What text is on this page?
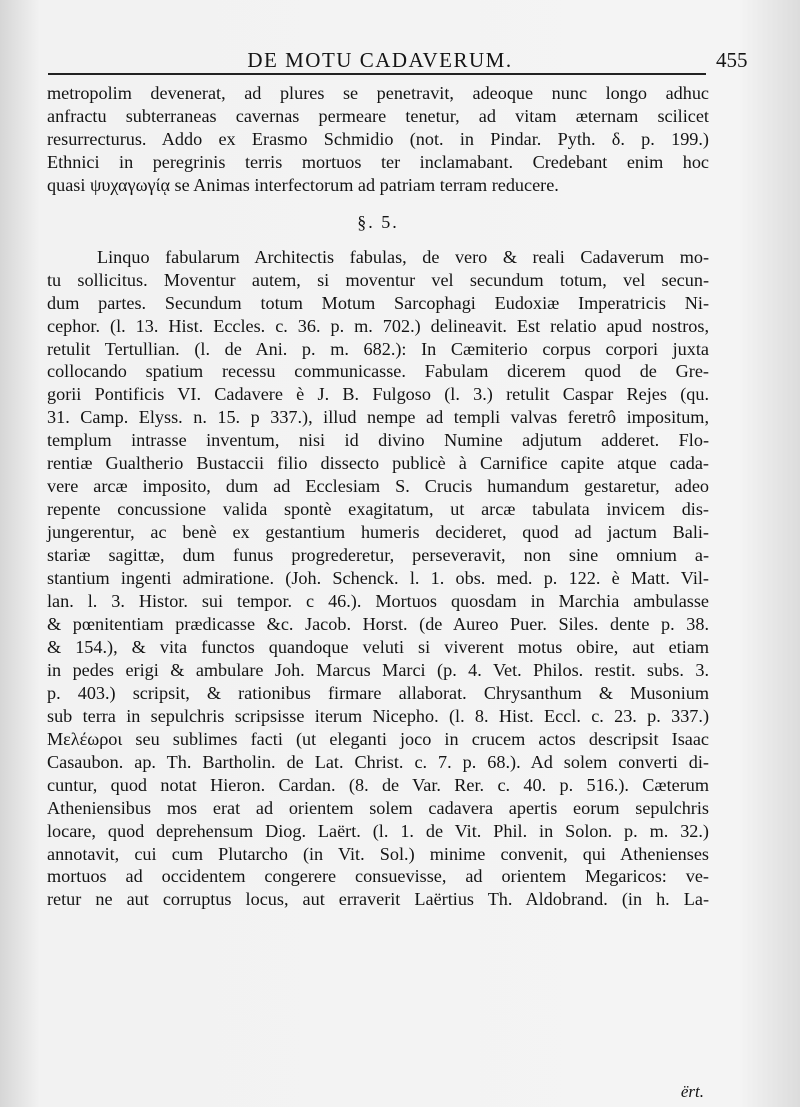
DE MOTU CADAVERUM.	455

metropolim devenerat, ad plures se penetravit, adeoque nunc longo adhuc
anfractu subterraneas cavernas permeare tenetur, ad vitam æternam scilicet
resurrecturus. Addo ex Erasmo Schmidio (not. in Pindar. Pyth. δ. p. 199.)
Ethnici in peregrinis terris mortuos ter inclamabant. Credebant enim hoc
quasi ψυχαγωγίᾳ se Animas interfectorum ad patriam terram reducere.

§. 5.

Linquo fabularum Architectis fabulas, de vero & reali Cadaverum mo-
tu sollicitus. Moventur autem, si moventur vel secundum totum, vel secun-
dum partes. Secundum totum Motum Sarcophagi Eudoxiæ Imperatricis Ni-
cephor. (l. 13. Hist. Eccles. c. 36. p. m. 702.) delineavit. Est relatio apud nostros,
retulit Tertullian. (l. de Ani. p. m. 682.): In Cæmiterio corpus corpori juxta
collocando spatium recessu communicasse. Fabulam dicerem quod de Gre-
gorii Pontificis VI. Cadavere è J. B. Fulgoso (l. 3.) retulit Caspar Rejes (qu.
31. Camp. Elyss. n. 15. p 337.), illud nempe ad templi valvas feretrô impositum,
templum intrasse inventum, nisi id divino Numine adjutum adderet. Flo-
rentiæ Gualtherio Bustaccii filio dissecto publicè à Carnifice capite atque cada-
vere arcæ imposito, dum ad Ecclesiam S. Crucis humandum gestaretur, adeo
repente concussione valida spontè exagitatum, ut arcæ tabulata invicem dis-
jungerentur, ac benè ex gestantium humeris decideret, quod ad jactum Bali-
stariæ sagittæ, dum funus progrederetur, perseveravit, non sine omnium a-
stantium ingenti admiratione. (Joh. Schenck. l. 1. obs. med. p. 122. è Matt. Vil-
lan. l. 3. Histor. sui tempor. c 46.). Mortuos quosdam in Marchia ambulasse
& pœnitentiam prædicasse &c. Jacob. Horst. (de Aureo Puer. Siles. dente p. 38.
& 154.), & vita functos quandoque veluti si viverent motus obire, aut etiam
in pedes erigi & ambulare Joh. Marcus Marci (p. 4. Vet. Philos. restit. subs. 3.
p. 403.) scripsit, & rationibus firmare allaborat. Chrysanthum & Musonium
sub terra in sepulchris scripsisse iterum Nicepho. (l. 8. Hist. Eccl. c. 23. p. 337.)
Μελέωροι seu sublimes facti (ut eleganti joco in crucem actos descripsit Isaac
Casaubon. ap. Th. Bartholin. de Lat. Christ. c. 7. p. 68.). Ad solem converti di-
cuntur, quod notat Hieron. Cardan. (8. de Var. Rer. c. 40. p. 516.). Cæterum
Atheniensibus mos erat ad orientem solem cadavera apertis eorum sepulchris
locare, quod deprehensum Diog. Laërt. (l. 1. de Vit. Phil. in Solon. p. m. 32.)
annotavit, cui cum Plutarcho (in Vit. Sol.) minime convenit, qui Athenienses
mortuos ad occidentem congerere consuevisse, ad orientem Megaricos: ve-
retur ne aut corruptus locus, aut erraverit Laërtius Th. Aldobrand. (in h. La-

ërt.
